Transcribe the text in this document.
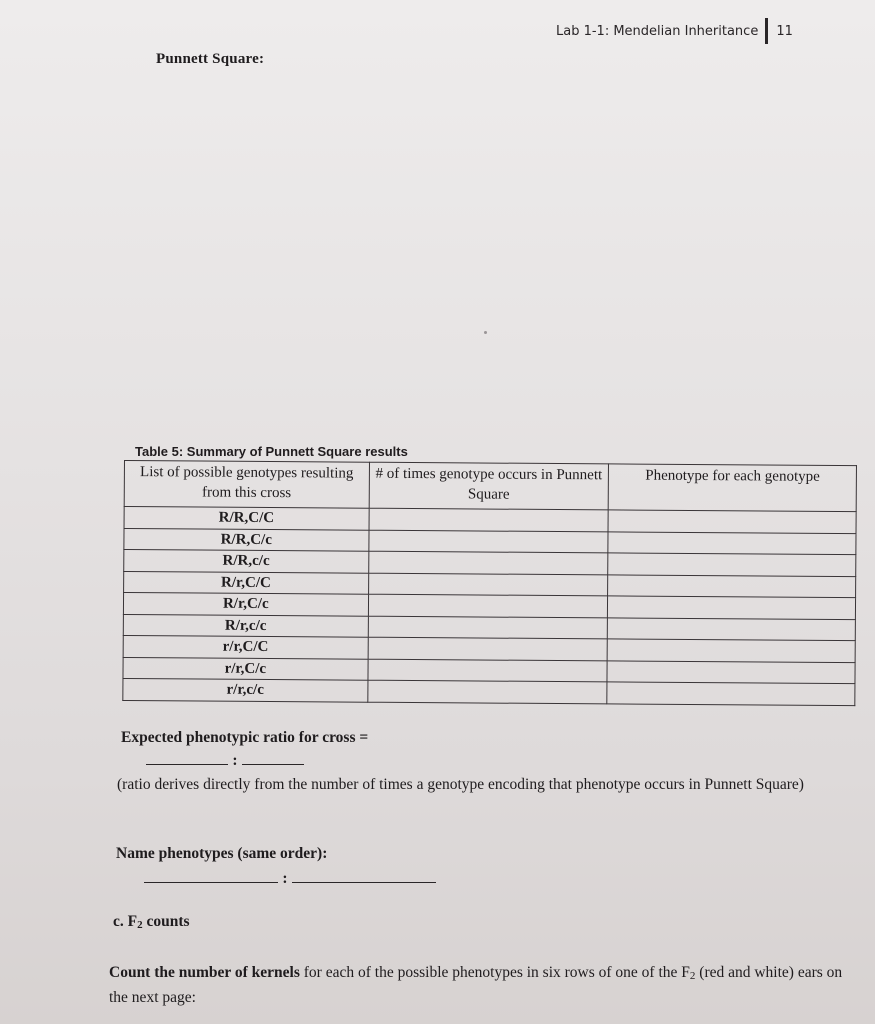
Lab 1-1: Mendelian Inheritance 11
Punnett Square:
Table 5: Summary of Punnett Square results
List of possible genotypes resulting from this cross	# of times genotype occurs in Punnett Square	Phenotype for each genotype
R/R,C/C		
R/R,C/c		
R/R,c/c		
R/r,C/C		
R/r,C/c		
R/r,c/c		
r/r,C/C		
r/r,C/c		
r/r,c/c		
Expected phenotypic ratio for cross =
:
(ratio derives directly from the number of times a genotype encoding that phenotype occurs in Punnett Square)
Name phenotypes (same order):
:
c. F2 counts
Count the number of kernels for each of the possible phenotypes in six rows of one of the F2 (red and white) ears on the next page:
